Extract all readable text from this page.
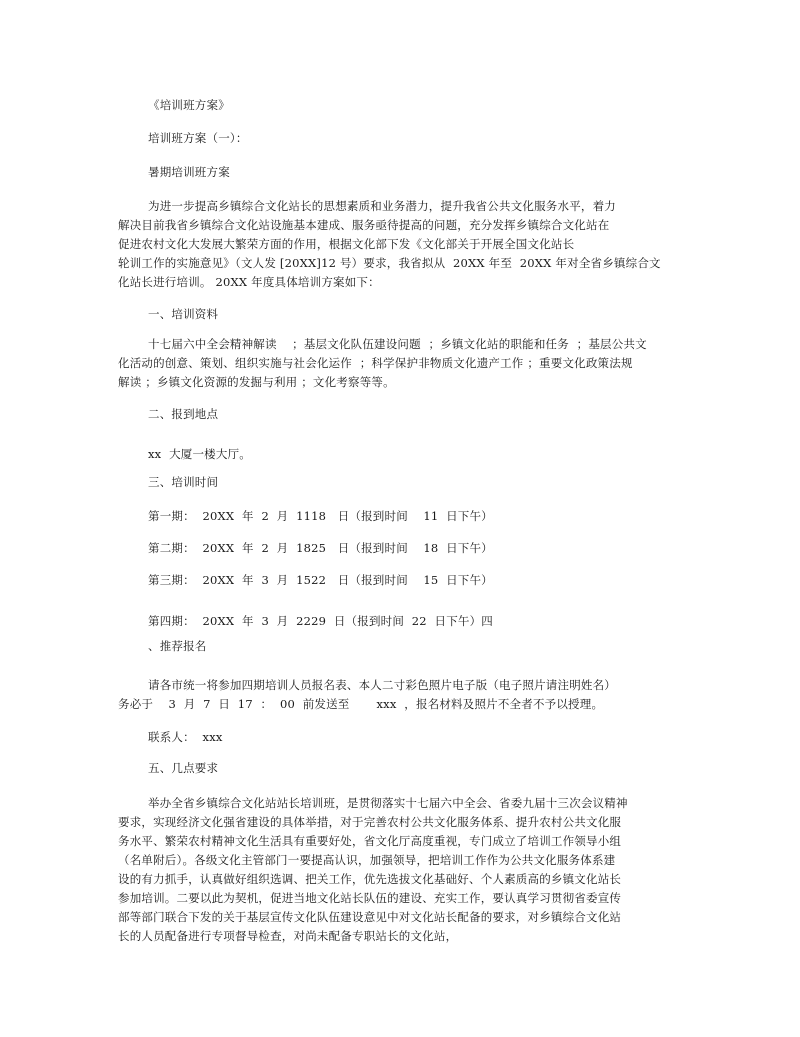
《培训班方案》
培训班方案（一）：
暑期培训班方案
为进一步提高乡镇综合文化站长的思想素质和业务潜力，提升我省公共文化服务水平，着力
解决目前我省乡镇综合文化站设施基本建成、服务亟待提高的问题，充分发挥乡镇综合文化站在
促进农村文化大发展大繁荣方面的作用，根据文化部下发《文化部关于开展全国文化站长
轮训工作的实施意见》（文人发 [20XX]12 号）要求，我省拟从  20XX 年至  20XX 年对全省乡镇综合文
化站长进行培训。 20XX 年度具体培训方案如下：
一、培训资料
十七届六中全会精神解读    ；基层文化队伍建设问题  ；乡镇文化站的职能和任务  ；基层公共文
化活动的创意、策划、组织实施与社会化运作  ；科学保护非物质文化遗产工作 ；重要文化政策法规
解读 ；乡镇文化资源的发掘与利用 ；文化考察等等。
二、报到地点
xx  大厦一楼大厅。
三、培训时间
第一期：  20XX  年  2  月  1118   日（报到时间    11  日下午）
第二期：  20XX  年  2  月  1825   日（报到时间    18  日下午）
第三期：  20XX  年  3  月  1522   日（报到时间    15  日下午）
第四期：  20XX  年  3  月  2229  日（报到时间  22  日下午）四
、推荐报名
请各市统一将参加四期培训人员报名表、本人二寸彩色照片电子版（电子照片请注明姓名）
务必于    3  月  7  日  17  ：  00  前发送至       xxx  ，报名材料及照片不全者不予以授理。
联系人：  xxx
五、几点要求
举办全省乡镇综合文化站站长培训班，是贯彻落实十七届六中全会、省委九届十三次会议精神
要求，实现经济文化强省建设的具体举措，对于完善农村公共文化服务体系、提升农村公共文化服
务水平、繁荣农村精神文化生活具有重要好处，省文化厅高度重视，专门成立了培训工作领导小组
（名单附后）。各级文化主管部门一要提高认识，加强领导，把培训工作作为公共文化服务体系建
设的有力抓手，认真做好组织选调、把关工作，优先选拔文化基础好、个人素质高的乡镇文化站长
参加培训。二要以此为契机，促进当地文化站长队伍的建设、充实工作，要认真学习贯彻省委宣传
部等部门联合下发的关于基层宣传文化队伍建设意见中对文化站长配备的要求，对乡镇综合文化站
长的人员配备进行专项督导检查，对尚未配备专职站长的文化站，
